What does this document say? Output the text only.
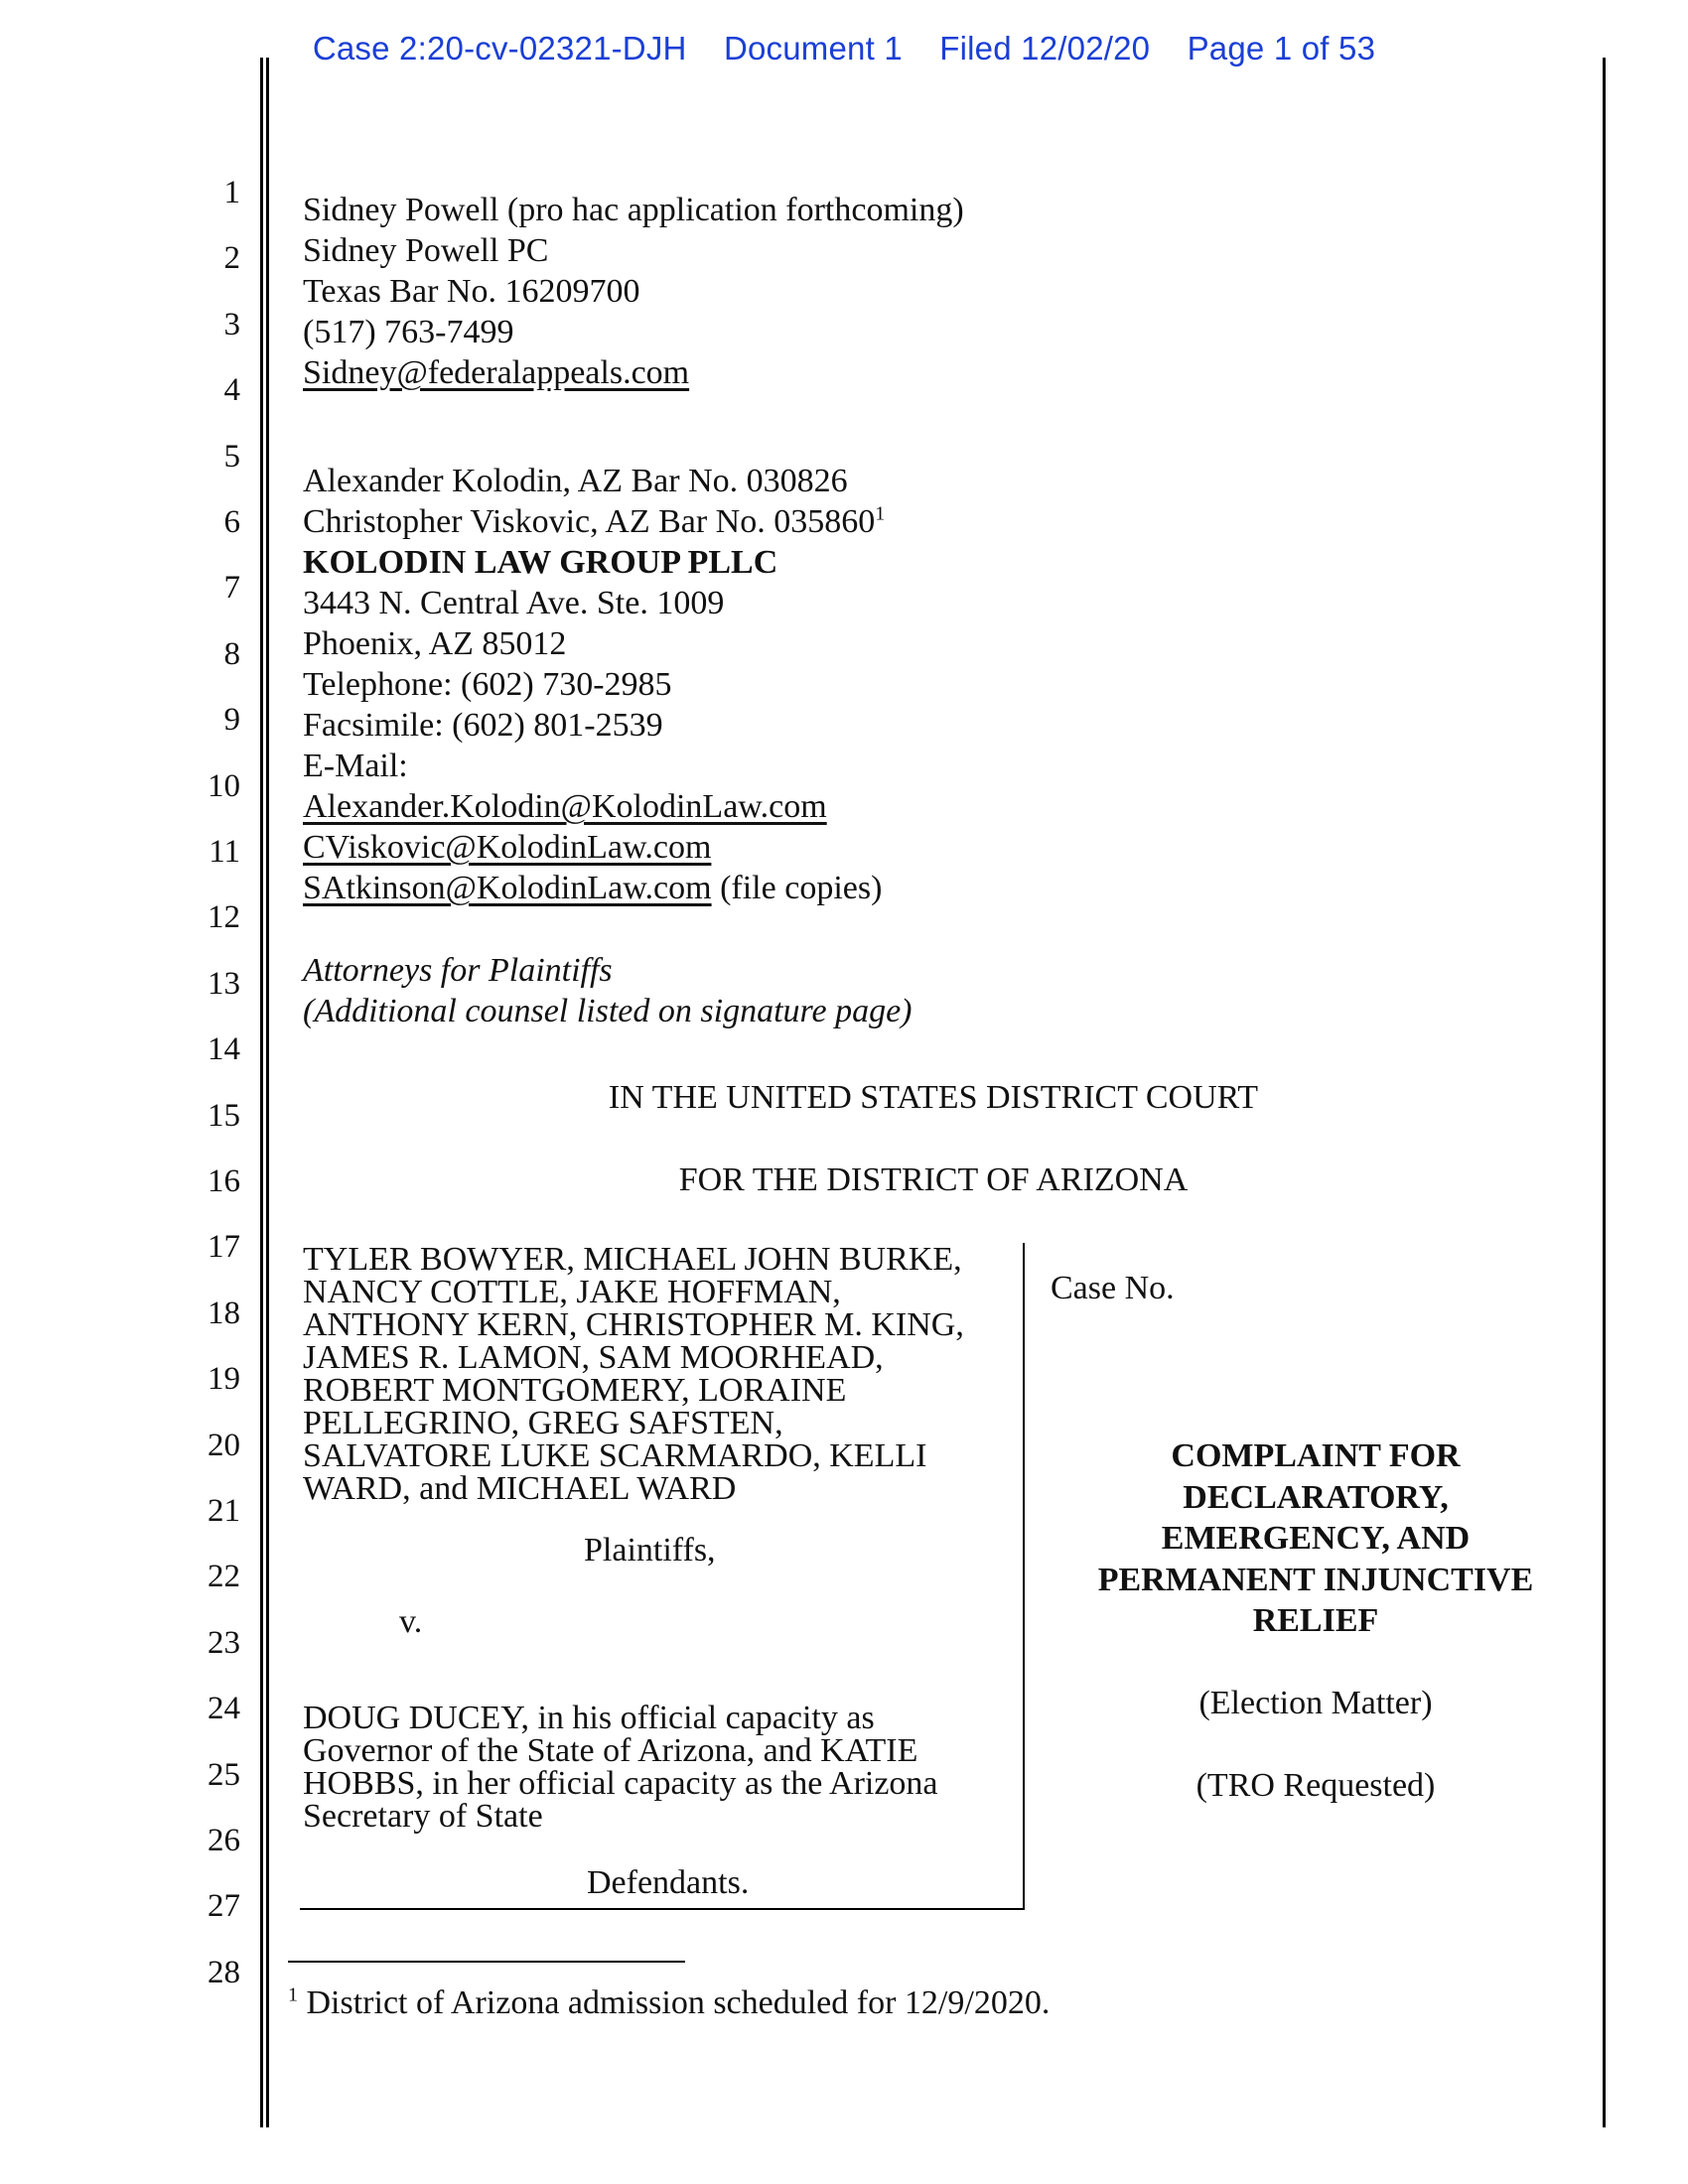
Case 2:20-cv-02321-DJH Document 1 Filed 12/02/20 Page 1 of 53
1
2
3
4
5
6
7
8
9
10
11
12
13
14
15
16
17
18
19
20
21
22
23
24
25
26
27
28
Sidney Powell (pro hac application forthcoming)
Sidney Powell PC
Texas Bar No. 16209700
(517) 763-7499
Sidney@federalappeals.com
Alexander Kolodin, AZ Bar No. 030826
Christopher Viskovic, AZ Bar No. 035860$^1$
KOLODIN LAW GROUP PLLC
3443 N. Central Ave. Ste. 1009
Phoenix, AZ 85012
Telephone: (602) 730-2985
Facsimile: (602) 801-2539
E-Mail:
Alexander.Kolodin@KolodinLaw.com
CViskovic@KolodinLaw.com
SAtkinson@KolodinLaw.com (file copies)
Attorneys for Plaintiffs
(Additional counsel listed on signature page)
IN THE UNITED STATES DISTRICT COURT
FOR THE DISTRICT OF ARIZONA
TYLER BOWYER, MICHAEL JOHN BURKE,
NANCY COTTLE, JAKE HOFFMAN,
ANTHONY KERN, CHRISTOPHER M. KING,
JAMES R. LAMON, SAM MOORHEAD,
ROBERT MONTGOMERY, LORAINE
PELLEGRINO, GREG SAFSTEN,
SALVATORE LUKE SCARMARDO, KELLI
WARD, and MICHAEL WARD
Plaintiffs,
v.
DOUG DUCEY, in his official capacity as
Governor of the State of Arizona, and KATIE
HOBBS, in her official capacity as the Arizona
Secretary of State
Defendants.
Case No.
COMPLAINT FOR
DECLARATORY,
EMERGENCY, AND
PERMANENT INJUNCTIVE
RELIEF
(Election Matter)
(TRO Requested)
$^1$ District of Arizona admission scheduled for 12/9/2020.
